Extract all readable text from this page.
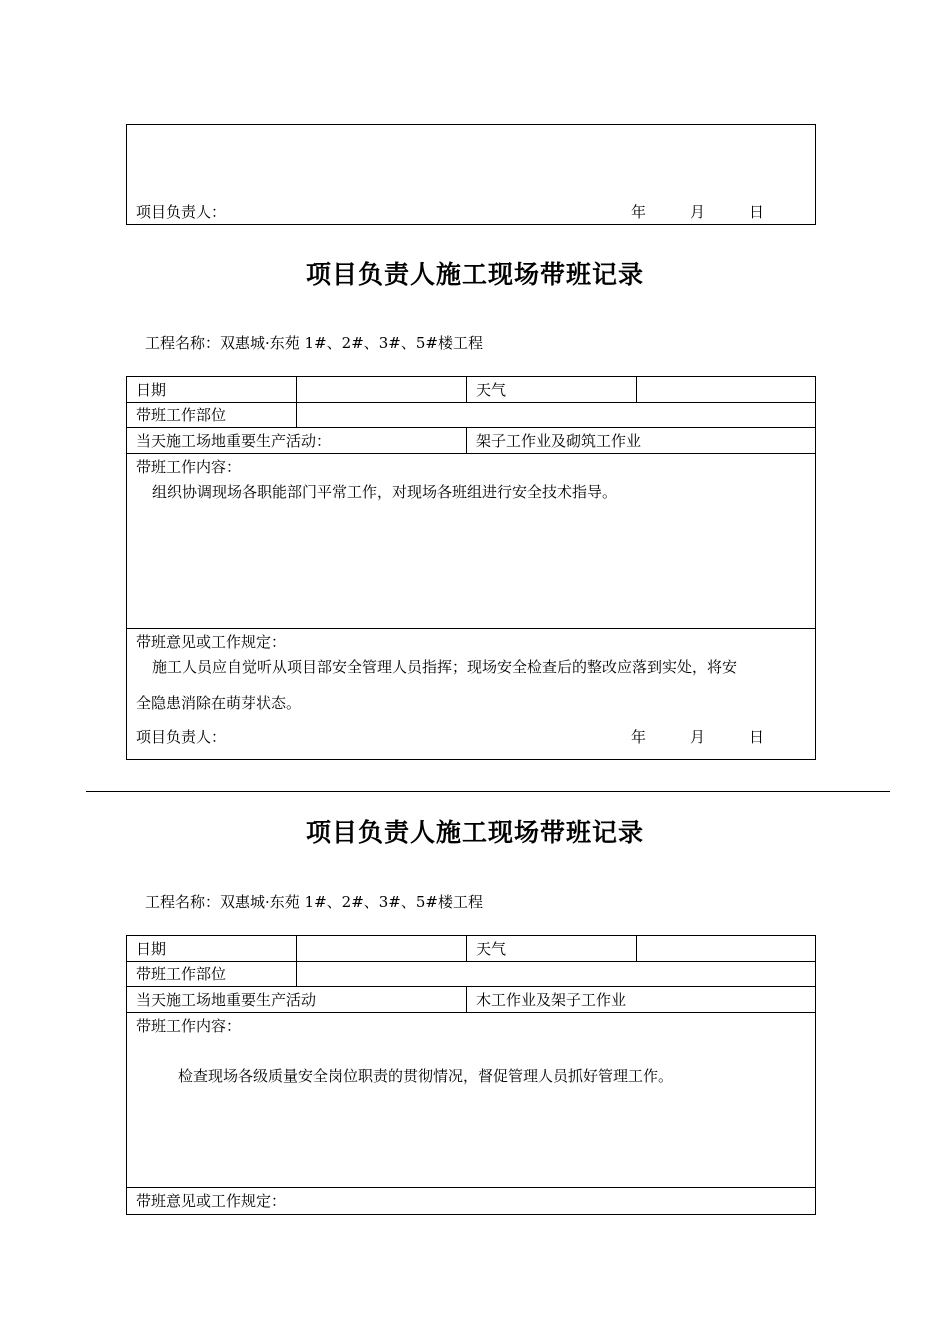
项目负责人：	年	月	日
项目负责人施工现场带班记录
工程名称：双惠城·东苑 1#、2#、3#、5#楼工程
日期	天气
带班工作部位
当天施工场地重要生产活动：	架子工作业及砌筑工作业
带班工作内容：
组织协调现场各职能部门平常工作，对现场各班组进行安全技术指导。
带班意见或工作规定：
施工人员应自觉听从项目部安全管理人员指挥；现场安全检查后的整改应落到实处，将安
全隐患消除在萌芽状态。
项目负责人：	年	月	日
项目负责人施工现场带班记录
工程名称：双惠城·东苑 1#、2#、3#、5#楼工程
日期	天气
带班工作部位
当天施工场地重要生产活动	木工作业及架子工作业
带班工作内容：
检查现场各级质量安全岗位职责的贯彻情况，督促管理人员抓好管理工作。
带班意见或工作规定：
